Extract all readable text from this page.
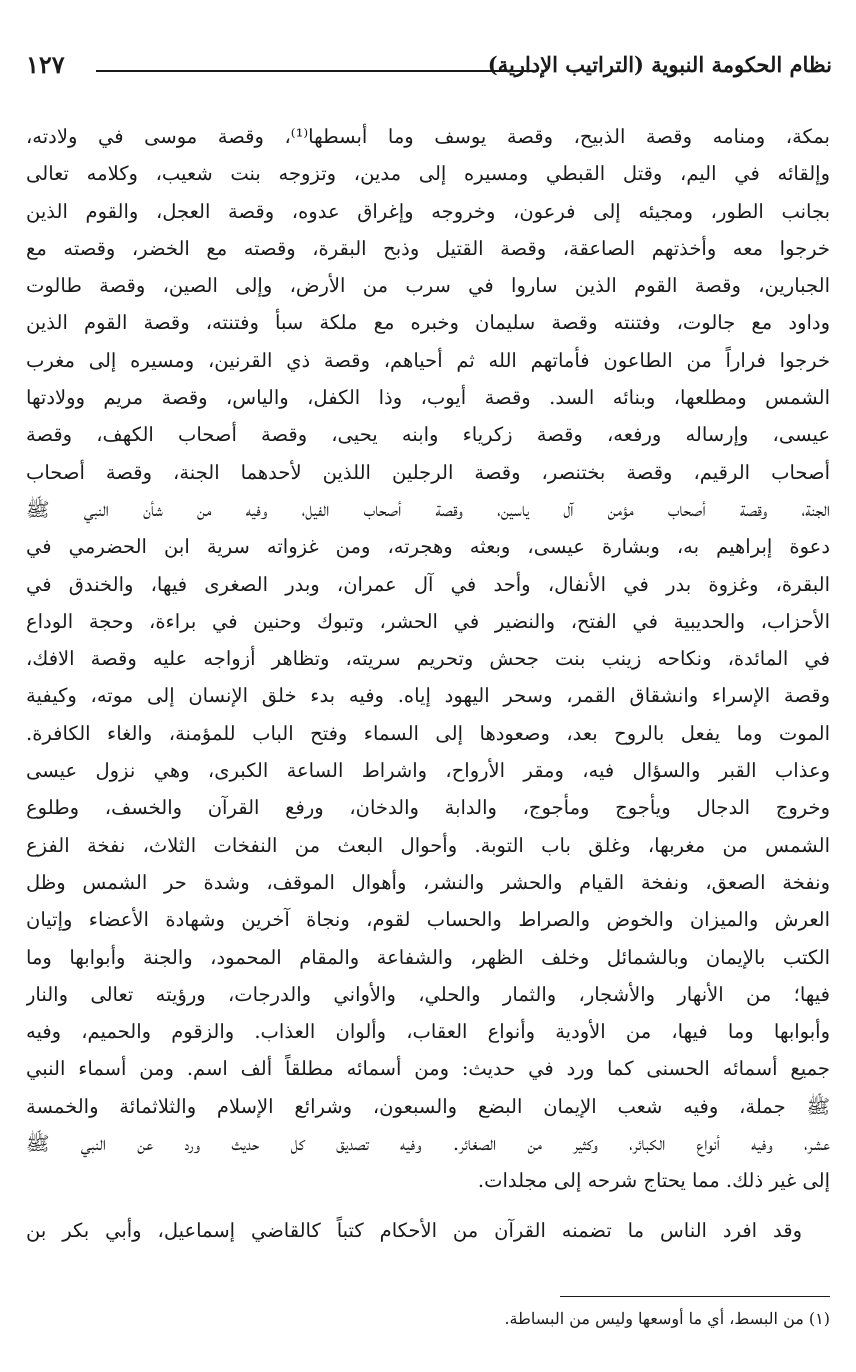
نظام الحكومة النبوية (التراتيب الإدارية)
١٢٧
بمكة، ومنامه وقصة الذبيح، وقصة يوسف وما أبسطها⁽¹⁾، وقصة موسى في ولادته،
وإلقائه في اليم، وقتل القبطي ومسيره إلى مدين، وتزوجه بنت شعيب، وكلامه تعالى
بجانب الطور، ومجيئه إلى فرعون، وخروجه وإغراق عدوه، وقصة العجل، والقوم الذين
خرجوا معه وأخذتهم الصاعقة، وقصة القتيل وذبح البقرة، وقصته مع الخضر، وقصته مع
الجبارين، وقصة القوم الذين ساروا في سرب من الأرض، وإلى الصين، وقصة طالوت
وداود مع جالوت، وفتنته وقصة سليمان وخبره مع ملكة سبأ وفتنته، وقصة القوم الذين
خرجوا فراراً من الطاعون فأماتهم الله ثم أحياهم، وقصة ذي القرنين، ومسيره إلى مغرب
الشمس ومطلعها، وبنائه السد. وقصة أيوب، وذا الكفل، والياس، وقصة مريم وولادتها
عيسى، وإرساله ورفعه، وقصة زكرياء وابنه يحيى، وقصة أصحاب الكهف، وقصة
أصحاب الرقيم، وقصة بختنصر، وقصة الرجلين اللذين لأحدهما الجنة، وقصة أصحاب
الجنة، وقصة أصحاب مؤمن آل ياسين، وقصة أصحاب الفيل، وفيه من شأن النبي ﷺ
دعوة إبراهيم به، وبشارة عيسى، وبعثه وهجرته، ومن غزواته سرية ابن الحضرمي في
البقرة، وغزوة بدر في الأنفال، وأحد في آل عمران، وبدر الصغرى فيها، والخندق في
الأحزاب، والحديبية في الفتح، والنضير في الحشر، وتبوك وحنين في براءة، وحجة الوداع
في المائدة، ونكاحه زينب بنت جحش وتحريم سريته، وتظاهر أزواجه عليه وقصة الافك،
وقصة الإسراء وانشقاق القمر، وسحر اليهود إياه. وفيه بدء خلق الإنسان إلى موته، وكيفية
الموت وما يفعل بالروح بعد، وصعودها إلى السماء وفتح الباب للمؤمنة، والغاء الكافرة.
وعذاب القبر والسؤال فيه، ومقر الأرواح، واشراط الساعة الكبرى، وهي نزول عيسى
وخروج الدجال ويأجوج ومأجوج، والدابة والدخان، ورفع القرآن والخسف، وطلوع
الشمس من مغربها، وغلق باب التوبة. وأحوال البعث من النفخات الثلاث، نفخة الفزع
ونفخة الصعق، ونفخة القيام والحشر والنشر، وأهوال الموقف، وشدة حر الشمس وظل
العرش والميزان والخوض والصراط والحساب لقوم، ونجاة آخرين وشهادة الأعضاء وإتيان
الكتب بالإيمان وبالشمائل وخلف الظهر، والشفاعة والمقام المحمود، والجنة وأبوابها وما
فيها؛ من الأنهار والأشجار، والثمار والحلي، والأواني والدرجات، ورؤيته تعالى والنار
وأبوابها وما فيها، من الأودية وأنواع العقاب، وألوان العذاب. والزقوم والحميم، وفيه
جميع أسمائه الحسنى كما ورد في حديث: ومن أسمائه مطلقاً ألف اسم. ومن أسماء النبي
ﷺ جملة، وفيه شعب الإيمان البضع والسبعون، وشرائع الإسلام والثلاثمائة والخمسة
عشر، وفيه أنواع الكبائر، وكثير من الصغائر. وفيه تصديق كل حديث ورد عن النبي ﷺ
إلى غير ذلك. مما يحتاج شرحه إلى مجلدات.
وقد افرد الناس ما تضمنه القرآن من الأحكام كتباً كالقاضي إسماعيل، وأبي بكر بن
(١) من البسط، أي ما أوسعها وليس من البساطة.
